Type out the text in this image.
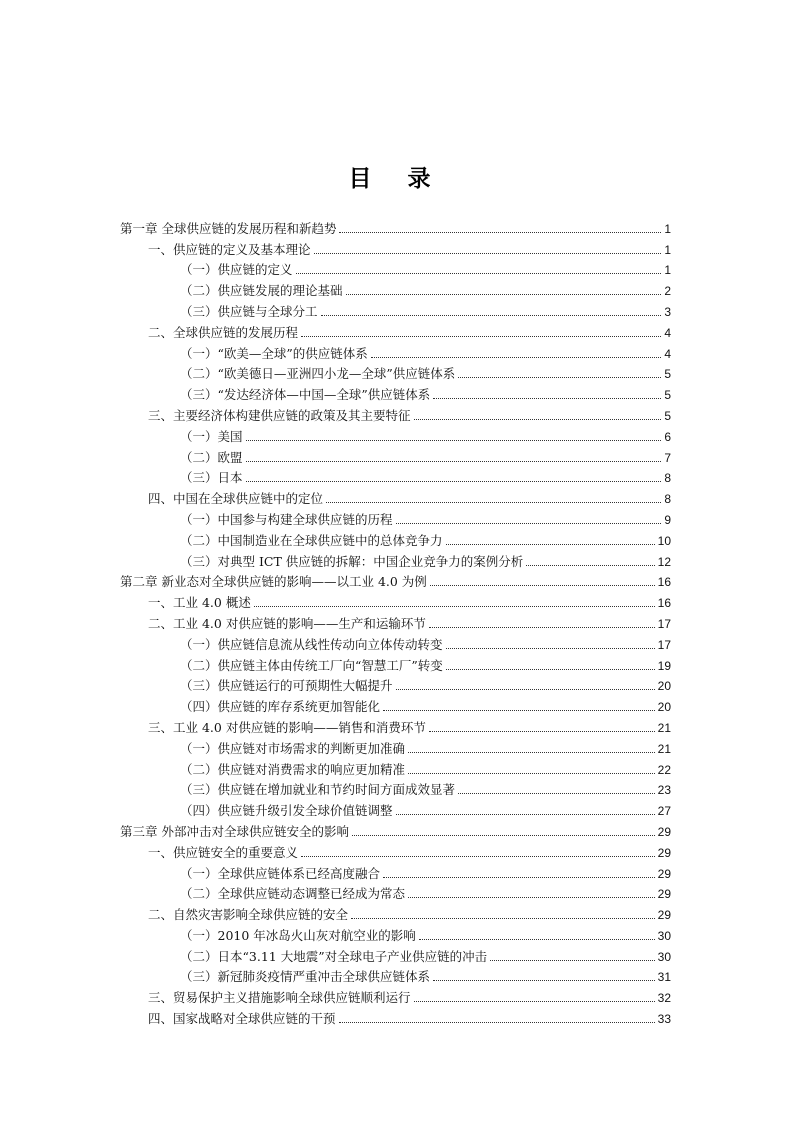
目 录
第一章 全球供应链的发展历程和新趋势	1
一、供应链的定义及基本理论	1
（一）供应链的定义	1
（二）供应链发展的理论基础	2
（三）供应链与全球分工	3
二、全球供应链的发展历程	4
（一）“欧美—全球”的供应链体系	4
（二）“欧美德日—亚洲四小龙—全球”供应链体系	5
（三）“发达经济体—中国—全球”供应链体系	5
三、主要经济体构建供应链的政策及其主要特征	5
（一）美国	6
（二）欧盟	7
（三）日本	8
四、中国在全球供应链中的定位	8
（一）中国参与构建全球供应链的历程	9
（二）中国制造业在全球供应链中的总体竞争力	10
（三）对典型 ICT 供应链的拆解：中国企业竞争力的案例分析	12
第二章 新业态对全球供应链的影响——以工业 4.0 为例	16
一、工业 4.0 概述	16
二、工业 4.0 对供应链的影响——生产和运输环节	17
（一）供应链信息流从线性传动向立体传动转变	17
（二）供应链主体由传统工厂向“智慧工厂”转变	19
（三）供应链运行的可预期性大幅提升	20
（四）供应链的库存系统更加智能化	20
三、工业 4.0 对供应链的影响——销售和消费环节	21
（一）供应链对市场需求的判断更加准确	21
（二）供应链对消费需求的响应更加精准	22
（三）供应链在增加就业和节约时间方面成效显著	23
（四）供应链升级引发全球价值链调整	27
第三章 外部冲击对全球供应链安全的影响	29
一、供应链安全的重要意义	29
（一）全球供应链体系已经高度融合	29
（二）全球供应链动态调整已经成为常态	29
二、自然灾害影响全球供应链的安全	29
（一）2010 年冰岛火山灰对航空业的影响	30
（二）日本“3.11 大地震”对全球电子产业供应链的冲击	30
（三）新冠肺炎疫情严重冲击全球供应链体系	31
三、贸易保护主义措施影响全球供应链顺利运行	32
四、国家战略对全球供应链的干预	33
